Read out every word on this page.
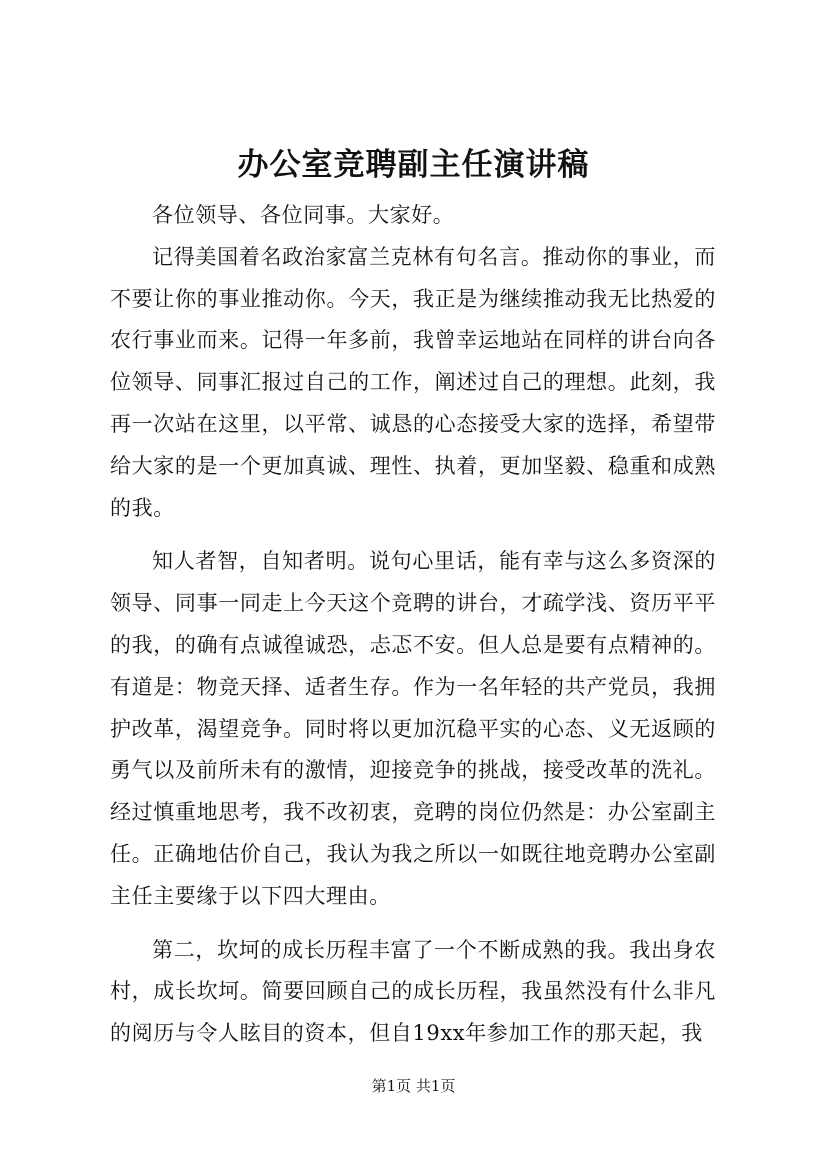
办公室竞聘副主任演讲稿

各位领导、各位同事。大家好。

记得美国着名政治家富兰克林有句名言。推动你的事业，而不要让你的事业推动你。今天，我正是为继续推动我无比热爱的农行事业而来。记得一年多前，我曾幸运地站在同样的讲台向各位领导、同事汇报过自己的工作，阐述过自己的理想。此刻，我再一次站在这里，以平常、诚恳的心态接受大家的选择，希望带给大家的是一个更加真诚、理性、执着，更加坚毅、稳重和成熟的我。

知人者智，自知者明。说句心里话，能有幸与这么多资深的领导、同事一同走上今天这个竞聘的讲台，才疏学浅、资历平平的我，的确有点诚徨诚恐，忐忑不安。但人总是要有点精神的。有道是：物竞天择、适者生存。作为一名年轻的共产党员，我拥护改革，渴望竞争。同时将以更加沉稳平实的心态、义无返顾的勇气以及前所未有的激情，迎接竞争的挑战，接受改革的洗礼。经过慎重地思考，我不改初衷，竞聘的岗位仍然是：办公室副主任。正确地估价自己，我认为我之所以一如既往地竞聘办公室副主任主要缘于以下四大理由。

第二，坎坷的成长历程丰富了一个不断成熟的我。我出身农村，成长坎坷。简要回顾自己的成长历程，我虽然没有什么非凡的阅历与令人眩目的资本，但自19xx年参加工作的那天起，我

第1页 共1页
